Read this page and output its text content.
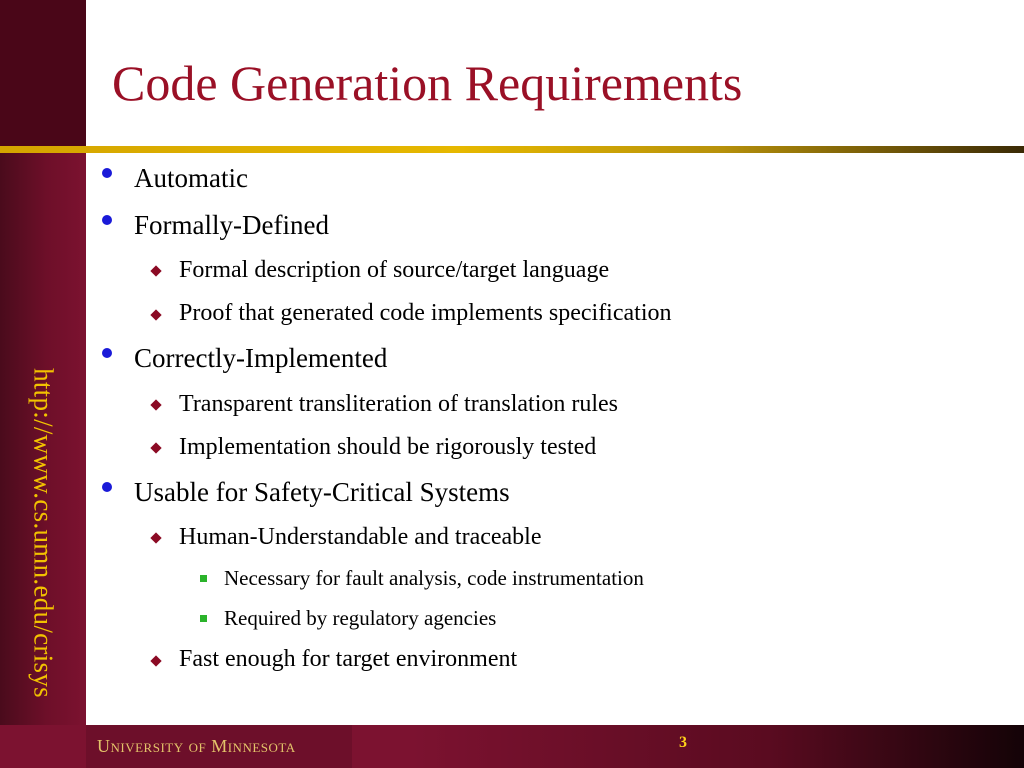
http://www.cs.umn.edu/crisys
Code Generation Requirements
Automatic
Formally-Defined
Formal description of source/target language
Proof that generated code implements specification
Correctly-Implemented
Transparent transliteration of translation rules
Implementation should be rigorously tested
Usable for Safety-Critical Systems
Human-Understandable and traceable
Necessary for fault analysis, code instrumentation
Required by regulatory agencies
Fast enough for target environment
University of Minnesota	3
